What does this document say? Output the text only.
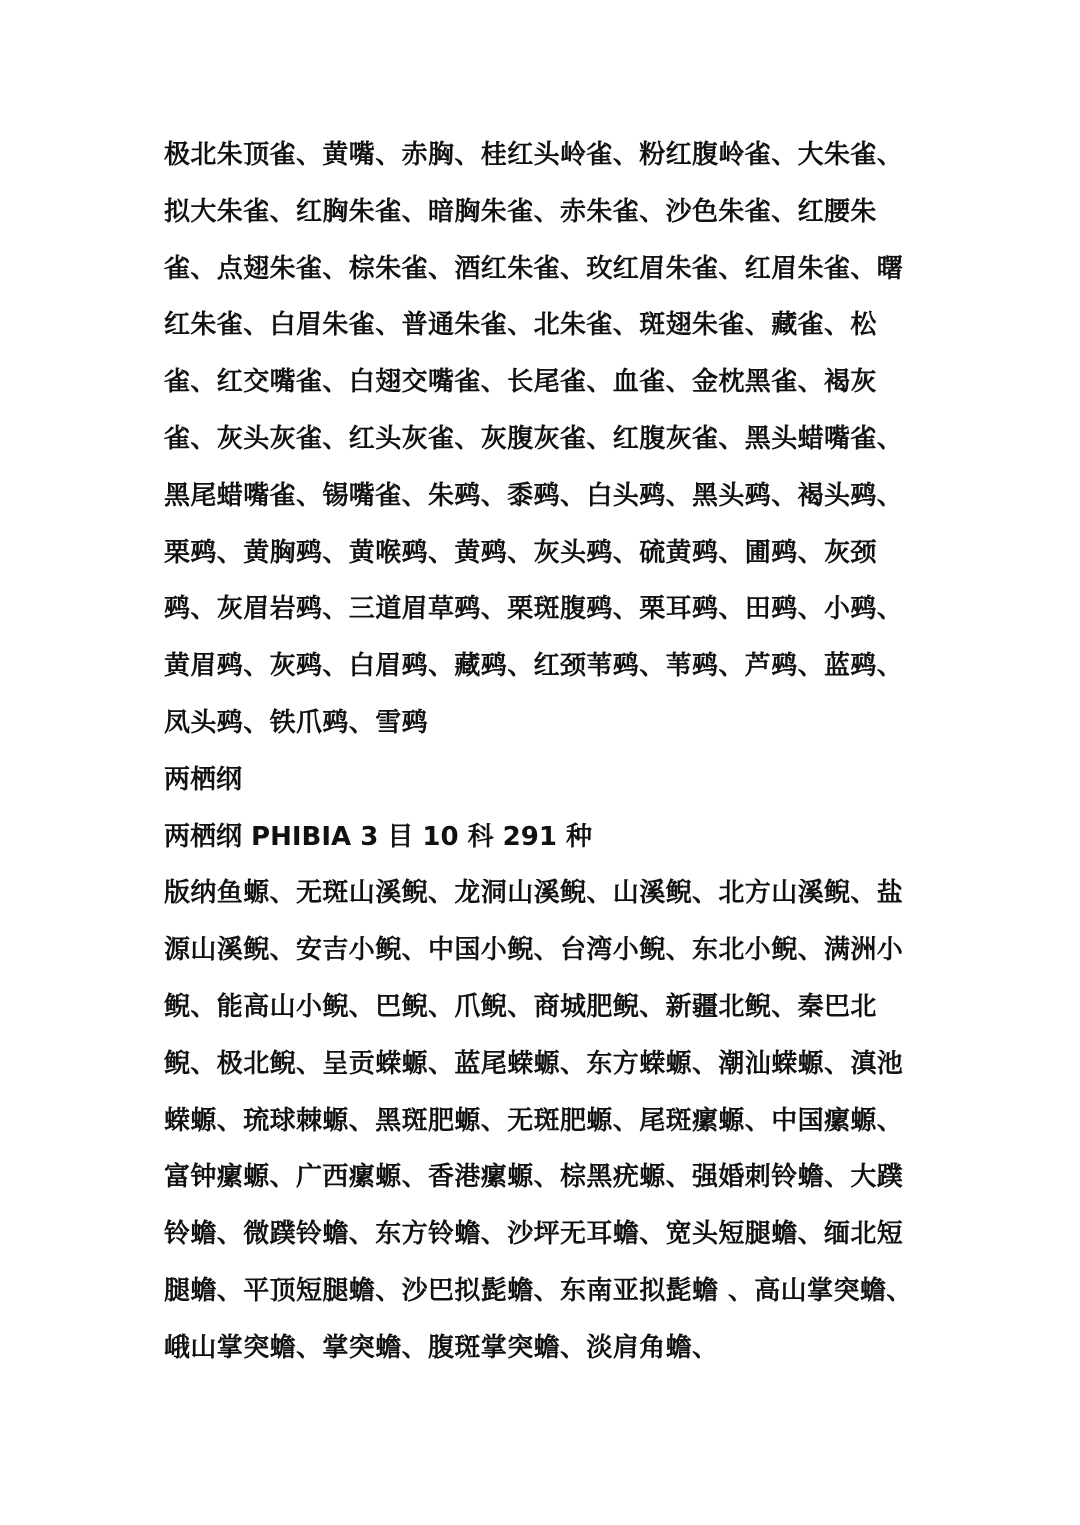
极北朱顶雀、黄嘴、赤胸、桂红头岭雀、粉红腹岭雀、大朱雀、拟大朱雀、红胸朱雀、暗胸朱雀、赤朱雀、沙色朱雀、红腰朱雀、点翅朱雀、棕朱雀、酒红朱雀、玫红眉朱雀、红眉朱雀、曙红朱雀、白眉朱雀、普通朱雀、北朱雀、斑翅朱雀、藏雀、松雀、红交嘴雀、白翅交嘴雀、长尾雀、血雀、金枕黑雀、褐灰雀、灰头灰雀、红头灰雀、灰腹灰雀、红腹灰雀、黑头蜡嘴雀、黑尾蜡嘴雀、锡嘴雀、朱鹀、黍鹀、白头鹀、黑头鹀、褐头鹀、栗鹀、黄胸鹀、黄喉鹀、黄鹀、灰头鹀、硫黄鹀、圃鹀、灰颈鹀、灰眉岩鹀、三道眉草鹀、栗斑腹鹀、栗耳鹀、田鹀、小鹀、黄眉鹀、灰鹀、白眉鹀、藏鹀、红颈苇鹀、苇鹀、芦鹀、蓝鹀、凤头鹀、铁爪鹀、雪鹀

两栖纲

两栖纲 PHIBIA 3 目 10 科 291 种

版纳鱼螈、无斑山溪鲵、龙洞山溪鲵、山溪鲵、北方山溪鲵、盐源山溪鲵、安吉小鲵、中国小鲵、台湾小鲵、东北小鲵、满洲小鲵、能高山小鲵、巴鲵、爪鲵、商城肥鲵、新疆北鲵、秦巴北鲵、极北鲵、呈贡蝾螈、蓝尾蝾螈、东方蝾螈、潮汕蝾螈、滇池蝾螈、琉球棘螈、黑斑肥螈、无斑肥螈、尾斑瘰螈、中国瘰螈、富钟瘰螈、广西瘰螈、香港瘰螈、棕黑疣螈、强婚刺铃蟾、大蹼铃蟾、微蹼铃蟾、东方铃蟾、沙坪无耳蟾、宽头短腿蟾、缅北短腿蟾、平顶短腿蟾、沙巴拟髭蟾、东南亚拟髭蟾 、高山掌突蟾、峨山掌突蟾、掌突蟾、腹斑掌突蟾、淡肩角蟾、
